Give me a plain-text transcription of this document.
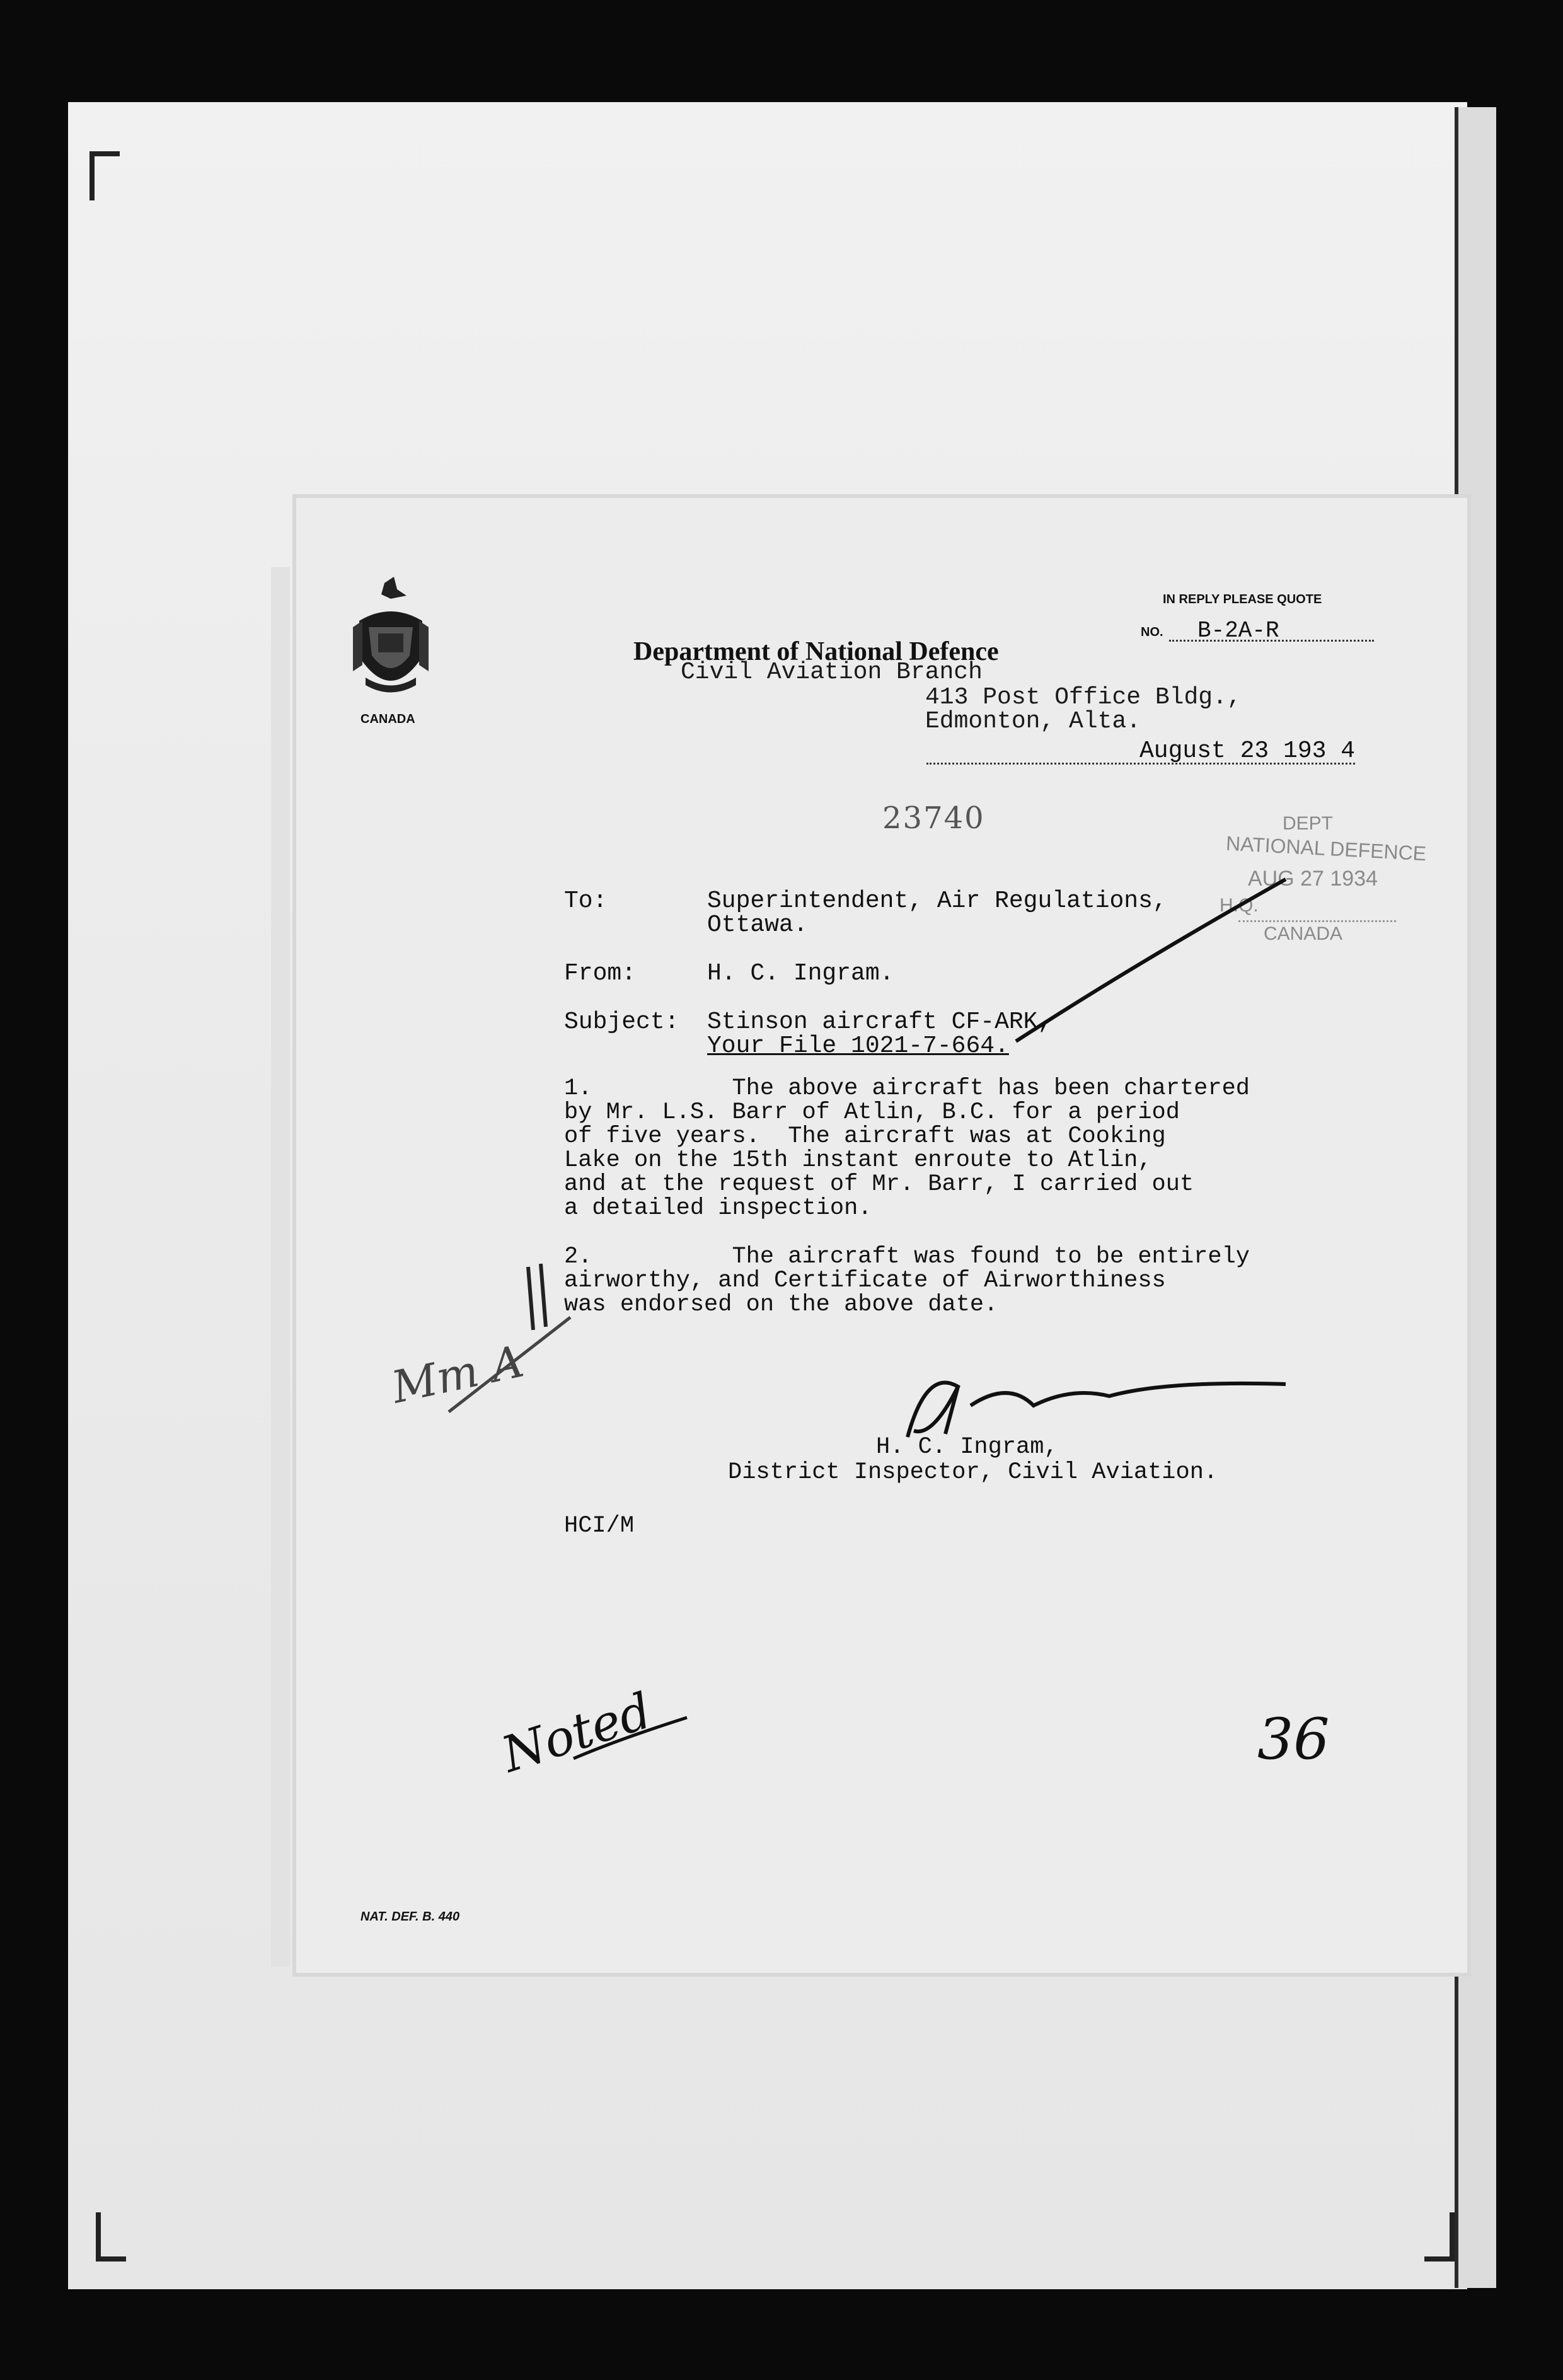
CANADA
Department of National Defence
Civil Aviation Branch
413 Post Office Bldg.,
Edmonton, Alta.
IN REPLY PLEASE QUOTE
NO. B-2A-R
August 23 193 4
23740	DEPT
NATIONAL DEFENCE
AUG 27 1934
H.Q.
CANADA
To:	Superintendent, Air Regulations,
Ottawa.
From:	H. C. Ingram.
Subject: Stinson aircraft CF-ARK,
Your File 1021-7-664.
1.          The above aircraft has been chartered
by Mr. L.S. Barr of Atlin, B.C. for a period
of five years.  The aircraft was at Cooking
Lake on the 15th instant enroute to Atlin,
and at the request of Mr. Barr, I carried out
a detailed inspection.
2.          The aircraft was found to be entirely
airworthy, and Certificate of Airworthiness
was endorsed on the above date.
H. C. Ingram,
District Inspector, Civil Aviation.
HCI/M
NAT. DEF. B. 440
Mm A
Noted	36
